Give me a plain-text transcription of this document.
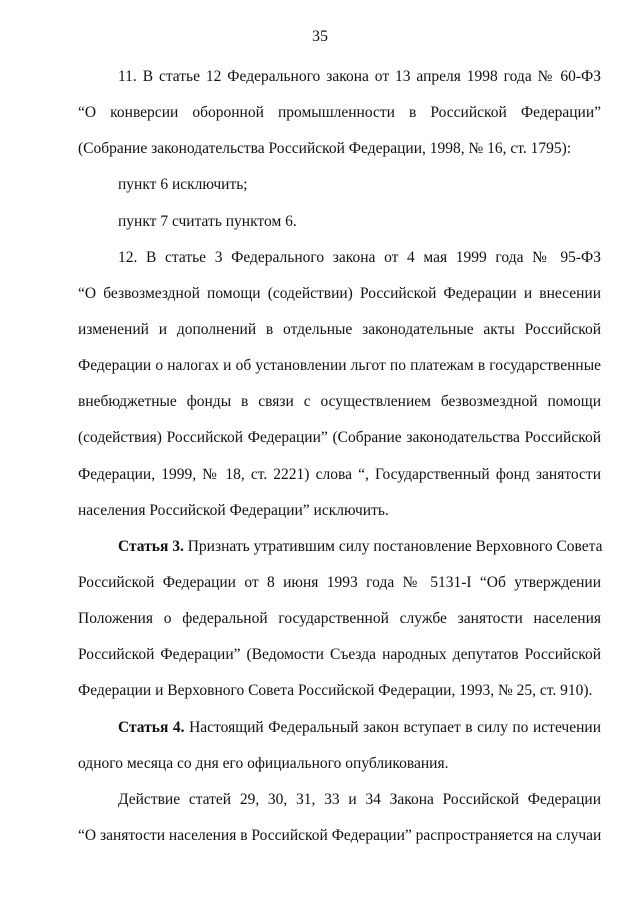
35
11. В статье 12 Федерального закона от 13 апреля 1998 года № 60-ФЗ
“О конверсии оборонной промышленности в Российской Федерации”
(Собрание законодательства Российской Федерации, 1998, № 16, ст. 1795):
пункт 6 исключить;
пункт 7 считать пунктом 6.
12. В статье 3 Федерального закона от 4 мая 1999 года № 95-ФЗ
“О безвозмездной помощи (содействии) Российской Федерации и внесении
изменений и дополнений в отдельные законодательные акты Российской
Федерации о налогах и об установлении льгот по платежам в государственные
внебюджетные фонды в связи с осуществлением безвозмездной помощи
(содействия) Российской Федерации” (Собрание законодательства Российской
Федерации, 1999, № 18, ст. 2221) слова “, Государственный фонд занятости
населения Российской Федерации” исключить.
Статья 3. Признать утратившим силу постановление Верховного Совета
Российской Федерации от 8 июня 1993 года № 5131-I “Об утверждении
Положения о федеральной государственной службе занятости населения
Российской Федерации” (Ведомости Съезда народных депутатов Российской
Федерации и Верховного Совета Российской Федерации, 1993, № 25, ст. 910).
Статья 4. Настоящий Федеральный закон вступает в силу по истечении
одного месяца со дня его официального опубликования.
Действие статей 29, 30, 31, 33 и 34 Закона Российской Федерации
“О занятости населения в Российской Федерации” распространяется на случаи
